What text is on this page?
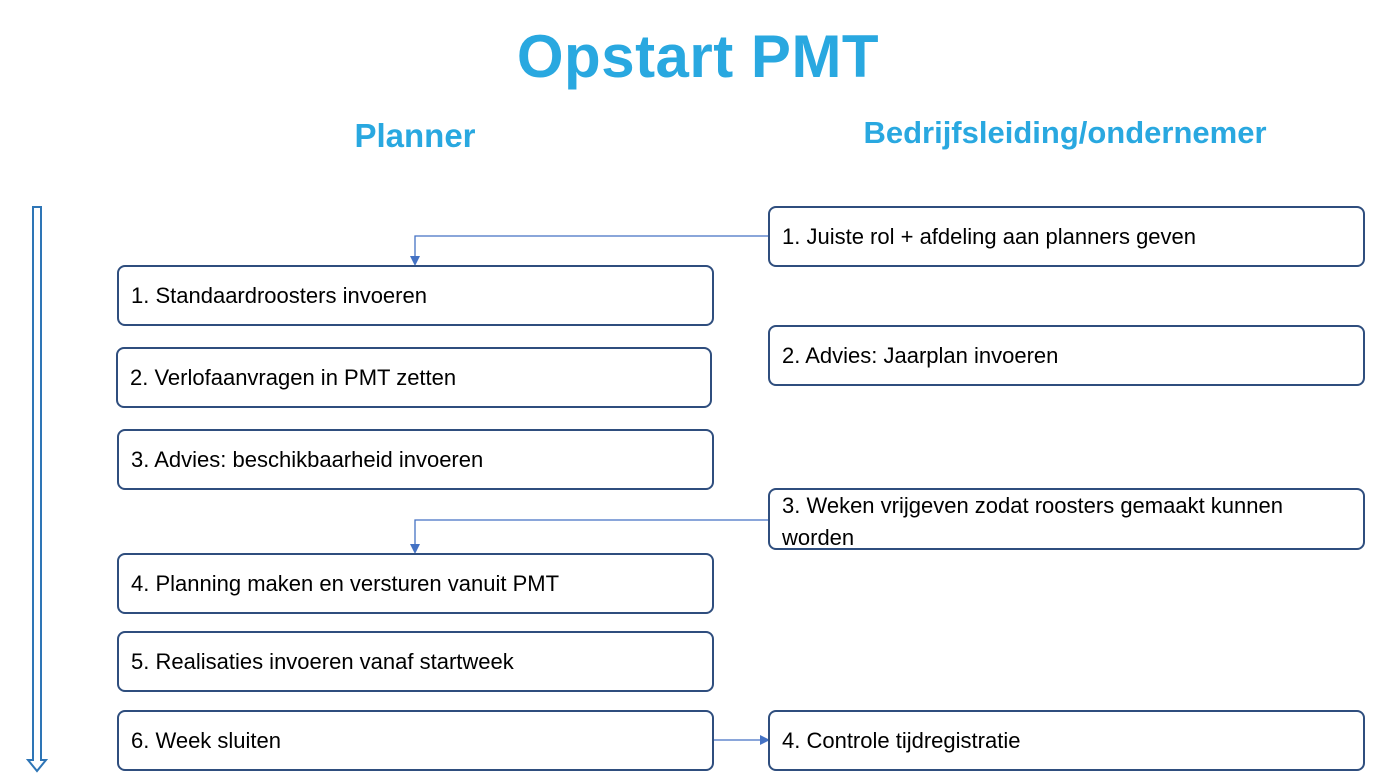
Opstart PMT
Planner	Bedrijfsleiding/ondernemer
1. Standaardroosters invoeren
2. Verlofaanvragen in PMT zetten
3. Advies: beschikbaarheid invoeren
4. Planning maken en versturen vanuit PMT
5. Realisaties invoeren vanaf startweek
6. Week sluiten
1. Juiste rol + afdeling aan planners geven
2. Advies: Jaarplan invoeren
3. Weken vrijgeven zodat roosters gemaakt kunnen worden
4. Controle tijdregistratie
